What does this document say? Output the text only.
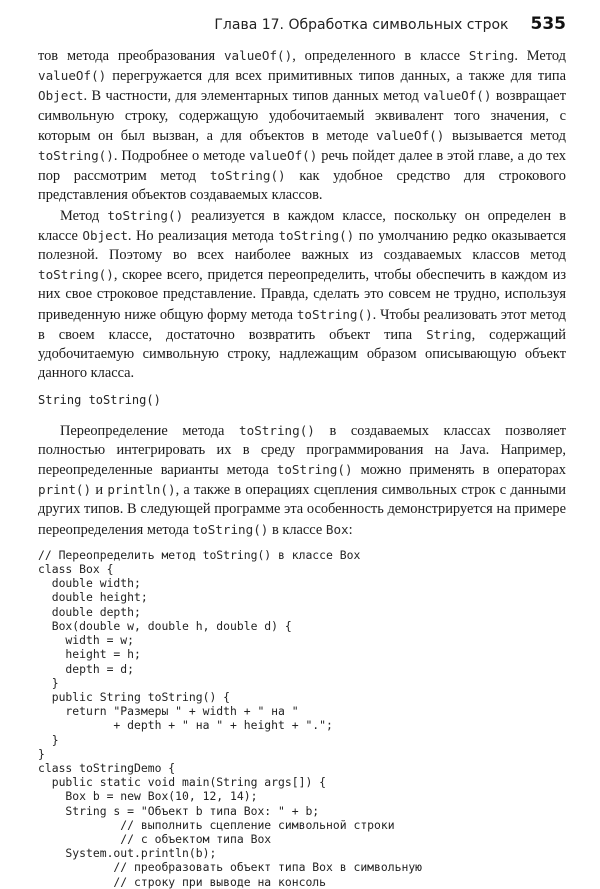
Глава 17. Обработка символьных строк 535

тов метода преобразования valueOf(), определенного в классе String. Метод valueOf() перегружается для всех примитивных типов данных, а также для типа Object. В частности, для элементарных типов данных метод valueOf() возвращает символьную строку, содержащую удобочитаемый эквивалент того значения, с которым он был вызван, а для объектов в методе valueOf() вызывается метод toString(). Подробнее о методе valueOf() речь пойдет далее в этой главе, а до тех пор рассмотрим метод toString() как удобное средство для строкового представления объектов создаваемых классов.

Метод toString() реализуется в каждом классе, поскольку он определен в классе Object. Но реализация метода toString() по умолчанию редко оказывается полезной. Поэтому во всех наиболее важных из создаваемых классов метод toString(), скорее всего, придется переопределить, чтобы обеспечить в каждом из них свое строковое представление. Правда, сделать это совсем не трудно, используя приведенную ниже общую форму метода toString(). Чтобы реализовать этот метод в своем классе, достаточно возвратить объект типа String, содержащий удобочитаемую символьную строку, надлежащим образом описывающую объект данного класса.

String toString()

Переопределение метода toString() в создаваемых классах позволяет полностью интегрировать их в среду программирования на Java. Например, переопределенные варианты метода toString() можно применять в операторах print() и println(), а также в операциях сцепления символьных строк с данными других типов. В следующей программе эта особенность демонстрируется на примере переопределения метода toString() в классе Box:

// Переопределить метод toString() в классе Box
class Box {
double width;
double height;
double depth;
Box(double w, double h, double d) {
width = w;
height = h;
depth = d;
}
public String toString() {
return "Размеры " + width + " на "
+ depth + " на " + height + ".";
}
}
class toStringDemo {
public static void main(String args[]) {
Box b = new Box(10, 12, 14);
String s = "Объект b типа Box: " + b;
// выполнить сцепление символьной строки
// с объектом типа Box
System.out.println(b);
// преобразовать объект типа Box в символьную
// строку при выводе на консоль
